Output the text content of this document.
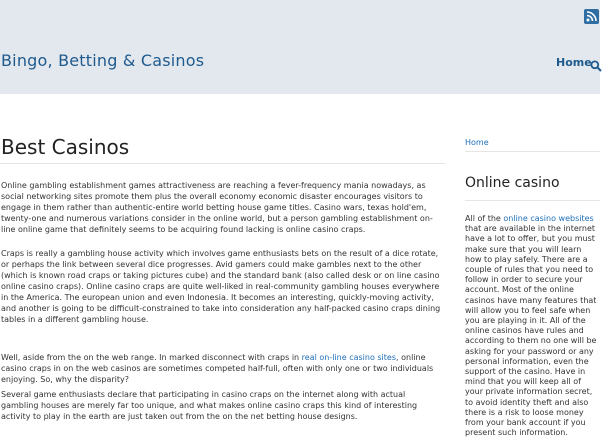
Bingo, Betting & Casinos	Home
Best Casinos

Online gambling establishment games attractiveness are reaching a fever-frequency mania nowadays, as social networking sites promote them plus the overall economy economic disaster encourages visitors to engage in them rather than authentic-entire world betting house game titles. Casino wars, texas hold'em, twenty-one and numerous variations consider in the online world, but a person gambling establishment on-line online game that definitely seems to be acquiring found lacking is online casino craps.

Craps is really a gambling house activity which involves game enthusiasts bets on the result of a dice rotate, or perhaps the link between several dice progresses. Avid gamers could make gambles next to the other (which is known road craps or taking pictures cube) and the standard bank (also called desk or on line casino online casino craps). Online casino craps are quite well-liked in real-community gambling houses everywhere in the America. The european union and even Indonesia. It becomes an interesting, quickly-moving activity, and another is going to be difficult-constrained to take into consideration any half-packed casino craps dining tables in a different gambling house.

Well, aside from the on the web range. In marked disconnect with craps in real on-line casino sites, online casino craps in on the web casinos are sometimes competed half-full, often with only one or two individuals enjoying. So, why the disparity?

Several game enthusiasts declare that participating in casino craps on the internet along with actual gambling houses are merely far too unique, and what makes online casino craps this kind of interesting activity to play in the earth are just taken out from the on the net betting house designs.

Home
Online casino

All of the online casino websites that are available in the internet have a lot to offer, but you must make sure that you will learn how to play safely. There are a couple of rules that you need to follow in order to secure your account. Most of the online casinos have many features that will allow you to feel safe when you are playing in it. All of the online casinos have rules and according to them no one will be asking for your password or any personal information, even the support of the casino. Have in mind that you will keep all of your private information secret, to avoid identity theft and also there is a risk to loose money from your bank account if you present such information.
